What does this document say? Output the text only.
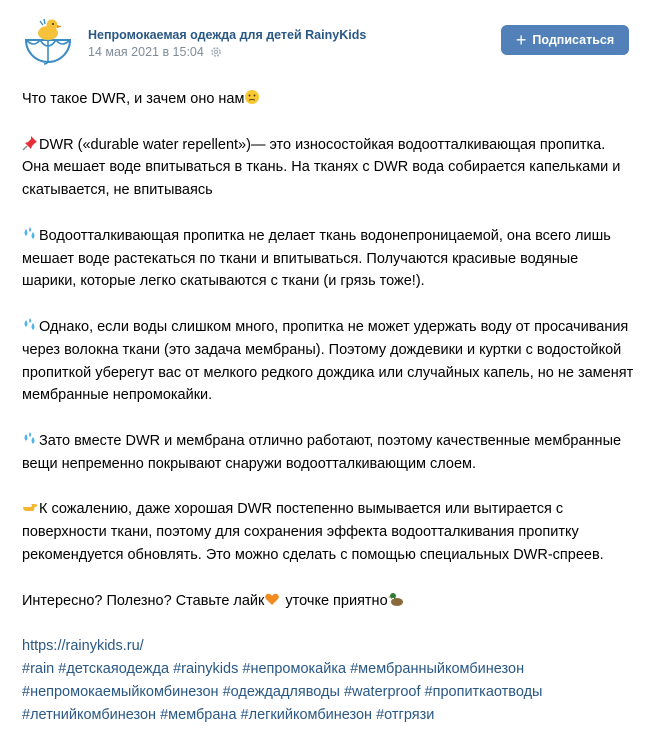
Непромокаемая одежда для детей RainyKids
14 мая 2021 в 15:04
+ Подписаться

Что такое DWR, и зачем оно нам

DWR («durable water repellent»)— это износостойкая водоотталкивающая пропитка. Она мешает воде впитываться в ткань. На тканях с DWR вода собирается капельками и скатывается, не впитываясь

Водоотталкивающая пропитка не делает ткань водонепроницаемой, она всего лишь мешает воде растекаться по ткани и впитываться. Получаются красивые водяные шарики, которые легко скатываются с ткани (и грязь тоже!).

Однако, если воды слишком много, пропитка не может удержать воду от просачивания через волокна ткани (это задача мембраны). Поэтому дождевики и куртки с водостойкой пропиткой уберегут вас от мелкого редкого дождика или случайных капель, но не заменят мембранные непромокайки.

Зато вместе DWR и мембрана отлично работают, поэтому качественные мембранные вещи непременно покрывают снаружи водоотталкивающим слоем.

К сожалению, даже хорошая DWR постепенно вымывается или вытирается с поверхности ткани, поэтому для сохранения эффекта водоотталкивания пропитку рекомендуется обновлять. Это можно сделать с помощью специальных DWR-спреев.

Интересно? Полезно? Ставьте лайк уточке приятно

https://rainykids.ru/
#rain #детскаяодежда #rainykids #непромокайка #мембранныйкомбинезон
#непромокаемыйкомбинезон #одеждадляводы #waterproof #пропиткаотводы
#летнийкомбинезон #мембрана #легкийкомбинезон #отгрязи
